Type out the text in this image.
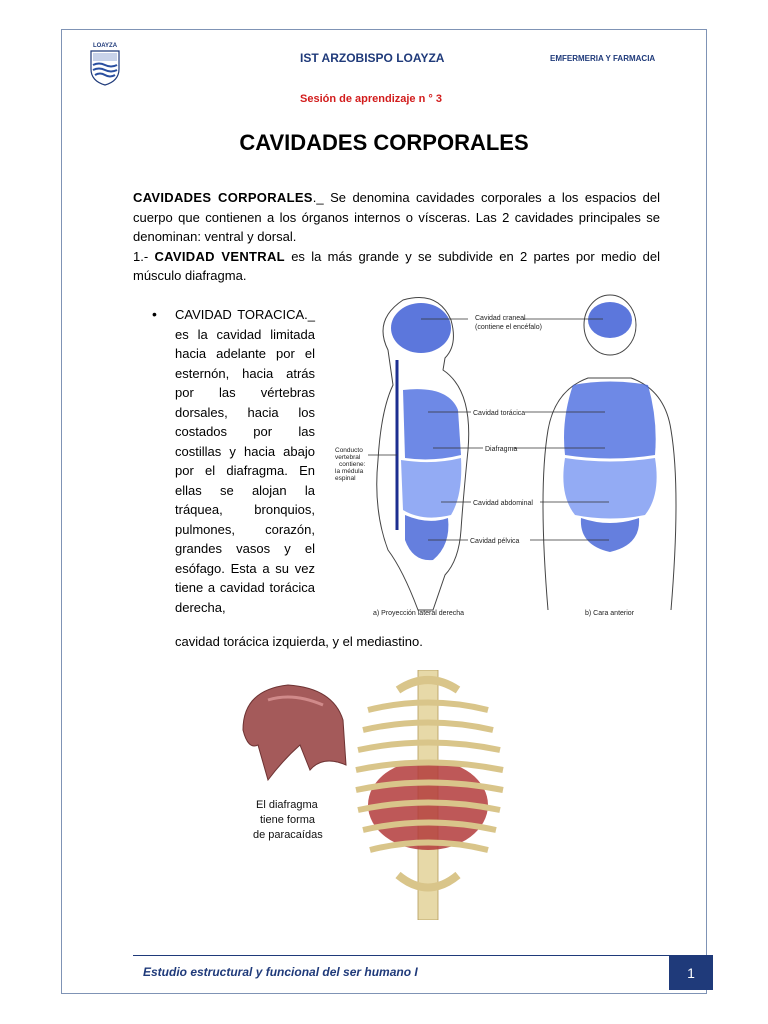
LOAYZA
IST ARZOBISPO LOAYZA	EMFERMERIA Y FARMACIA
Sesión de aprendizaje n ° 3
CAVIDADES CORPORALES
CAVIDADES CORPORALES._ Se denomina cavidades corporales a los espacios del cuerpo que contienen a los órganos internos o vísceras. Las 2 cavidades principales se denominan: ventral y dorsal.
1.- CAVIDAD VENTRAL es la más grande y se subdivide en 2 partes por medio del músculo diafragma.
• CAVIDAD TORACICA._ es la cavidad limitada hacia adelante por el esternón, hacia atrás por las vértebras dorsales, hacia los costados por las costillas y hacia abajo por el diafragma. En ellas se alojan la tráquea, bronquios, pulmones, corazón, grandes vasos y el esófago. Esta a su vez tiene a cavidad torácica derecha,
cavidad torácica izquierda, y el mediastino.
Cavidad craneal
(contiene el encéfalo)
Cavidad torácica
Diafragma
Cavidad abdominal
Cavidad pélvica
Conducto
vertebral
contiene:
la médula
espinal
a) Proyección lateral derecha	b) Cara anterior
El diafragma
tiene forma
de paracaídas
Estudio estructural y funcional del ser humano I	1
